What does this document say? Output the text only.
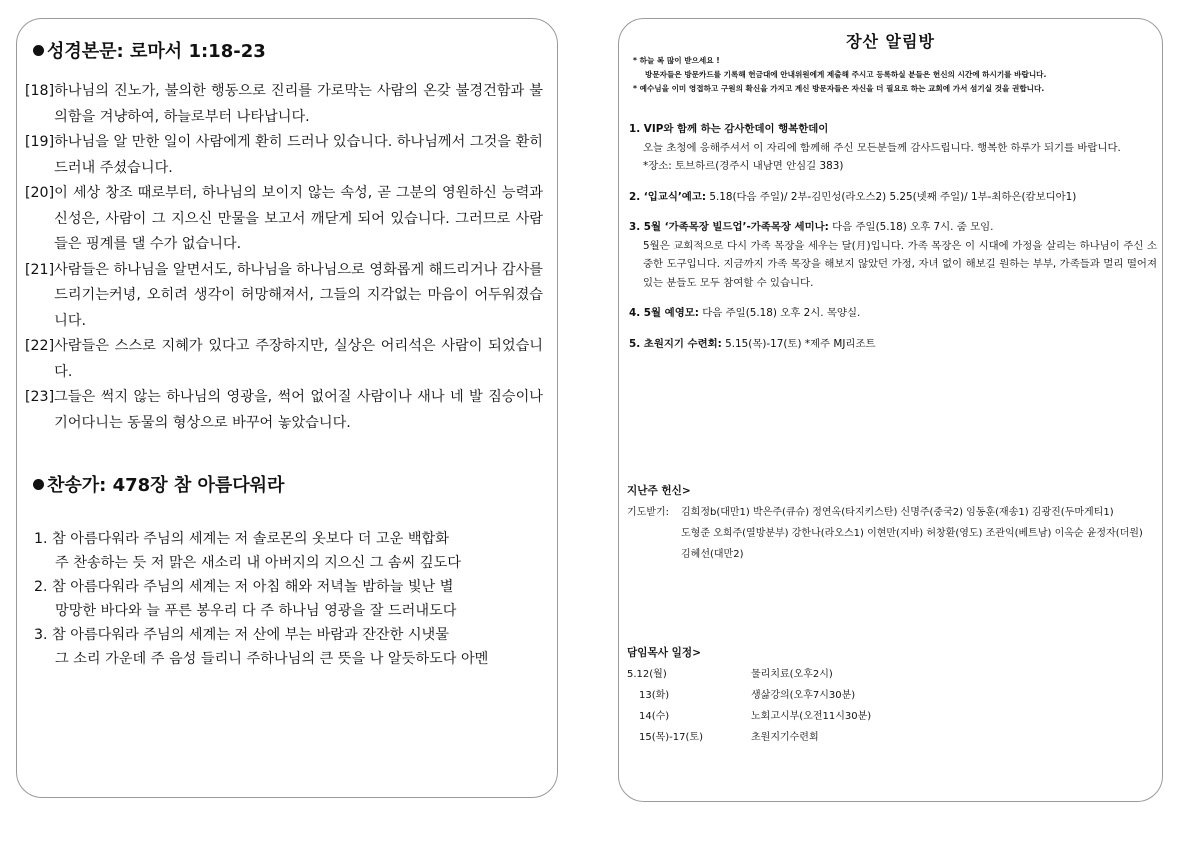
성경본문: 로마서 1:18-23
[18] 하나님의 진노가, 불의한 행동으로 진리를 가로막는 사람의 온갖 불경건함과 불의함을 겨냥하여, 하늘로부터 나타납니다.
[19] 하나님을 알 만한 일이 사람에게 환히 드러나 있습니다. 하나님께서 그것을 환히 드러내 주셨습니다.
[20] 이 세상 창조 때로부터, 하나님의 보이지 않는 속성, 곧 그분의 영원하신 능력과 신성은, 사람이 그 지으신 만물을 보고서 깨닫게 되어 있습니다. 그러므로 사람들은 핑계를 댈 수가 없습니다.
[21] 사람들은 하나님을 알면서도, 하나님을 하나님으로 영화롭게 해드리거나 감사를 드리기는커녕, 오히려 생각이 허망해져서, 그들의 지각없는 마음이 어두워졌습니다.
[22] 사람들은 스스로 지혜가 있다고 주장하지만, 실상은 어리석은 사람이 되었습니다.
[23] 그들은 썩지 않는 하나님의 영광을, 썩어 없어질 사람이나 새나 네 발 짐승이나 기어다니는 동물의 형상으로 바꾸어 놓았습니다.
찬송가: 478장 참 아름다워라
1. 참 아름다워라 주님의 세계는 저 솔로몬의 옷보다 더 고운 백합화
주 찬송하는 듯 저 맑은 새소리 내 아버지의 지으신 그 솜씨 깊도다
2. 참 아름다워라 주님의 세계는 저 아침 해와 저녁놀 밤하늘 빛난 별
망망한 바다와 늘 푸른 봉우리 다 주 하나님 영광을 잘 드러내도다
3. 참 아름다워라 주님의 세계는 저 산에 부는 바람과 잔잔한 시냇물
그 소리 가운데 주 음성 들리니 주하나님의 큰 뜻을 나 알듯하도다 아멘
장산 알림방
* 하늘 복 많이 받으세요 !
방문자들은 방문카드를 기록해 헌금대에 안내위원에게 제출해 주시고 등록하실 분들은 헌신의 시간에 하시기를 바랍니다.
* 예수님을 이미 영접하고 구원의 확신을 가지고 계신 방문자들은 자신을 더 필요로 하는 교회에 가서 섬기실 것을 권합니다.
1. VIP와 함께 하는 감사한데이 행복한데이
오늘 초청에 응해주셔서 이 자리에 함께해 주신 모든분들께 감사드립니다. 행복한 하루가 되기를 바랍니다.
*장소: 토브하르(경주시 내남면 안심길 383)
2. ‘입교식’예고: 5.18(다음 주일)/ 2부-김민성(라오스2) 5.25(넷째 주일)/ 1부-최하은(캄보디아1)
3. 5월 ‘가족목장 빌드업’-가족목장 세미나: 다음 주일(5.18) 오후 7시. 줌 모임.
5월은 교회적으로 다시 가족 목장을 세우는 달(月)입니다. 가족 목장은 이 시대에 가정을 살리는 하나님이 주신 소중한 도구입니다. 지금까지 가족 목장을 해보지 않았던 가정, 자녀 없이 해보길 원하는 부부, 가족들과 멀리 떨어져 있는 분들도 모두 참여할 수 있습니다.
4. 5월 예영모: 다음 주일(5.18) 오후 2시. 목양실.
5. 초원지기 수련회: 5.15(목)-17(토) *제주 MJ리조트
지난주 헌신>
기도받기:	김희정b(대만1) 박은주(큐슈) 정연옥(타지키스탄) 신명주(중국2) 임동훈(재송1) 김광진(두마게티1)
도형준 오희주(열방분부) 강한나(라오스1) 이현만(지바) 허창환(영도) 조관익(베트남) 이옥순 윤정자(더원)
김혜선(대만2)
담임목사 일정>
5.12(월)	물리치료(오후2시)
13(화)	생삶강의(오후7시30분)
14(수)	노회고시부(오전11시30분)
15(목)-17(토)	초원지기수련회
